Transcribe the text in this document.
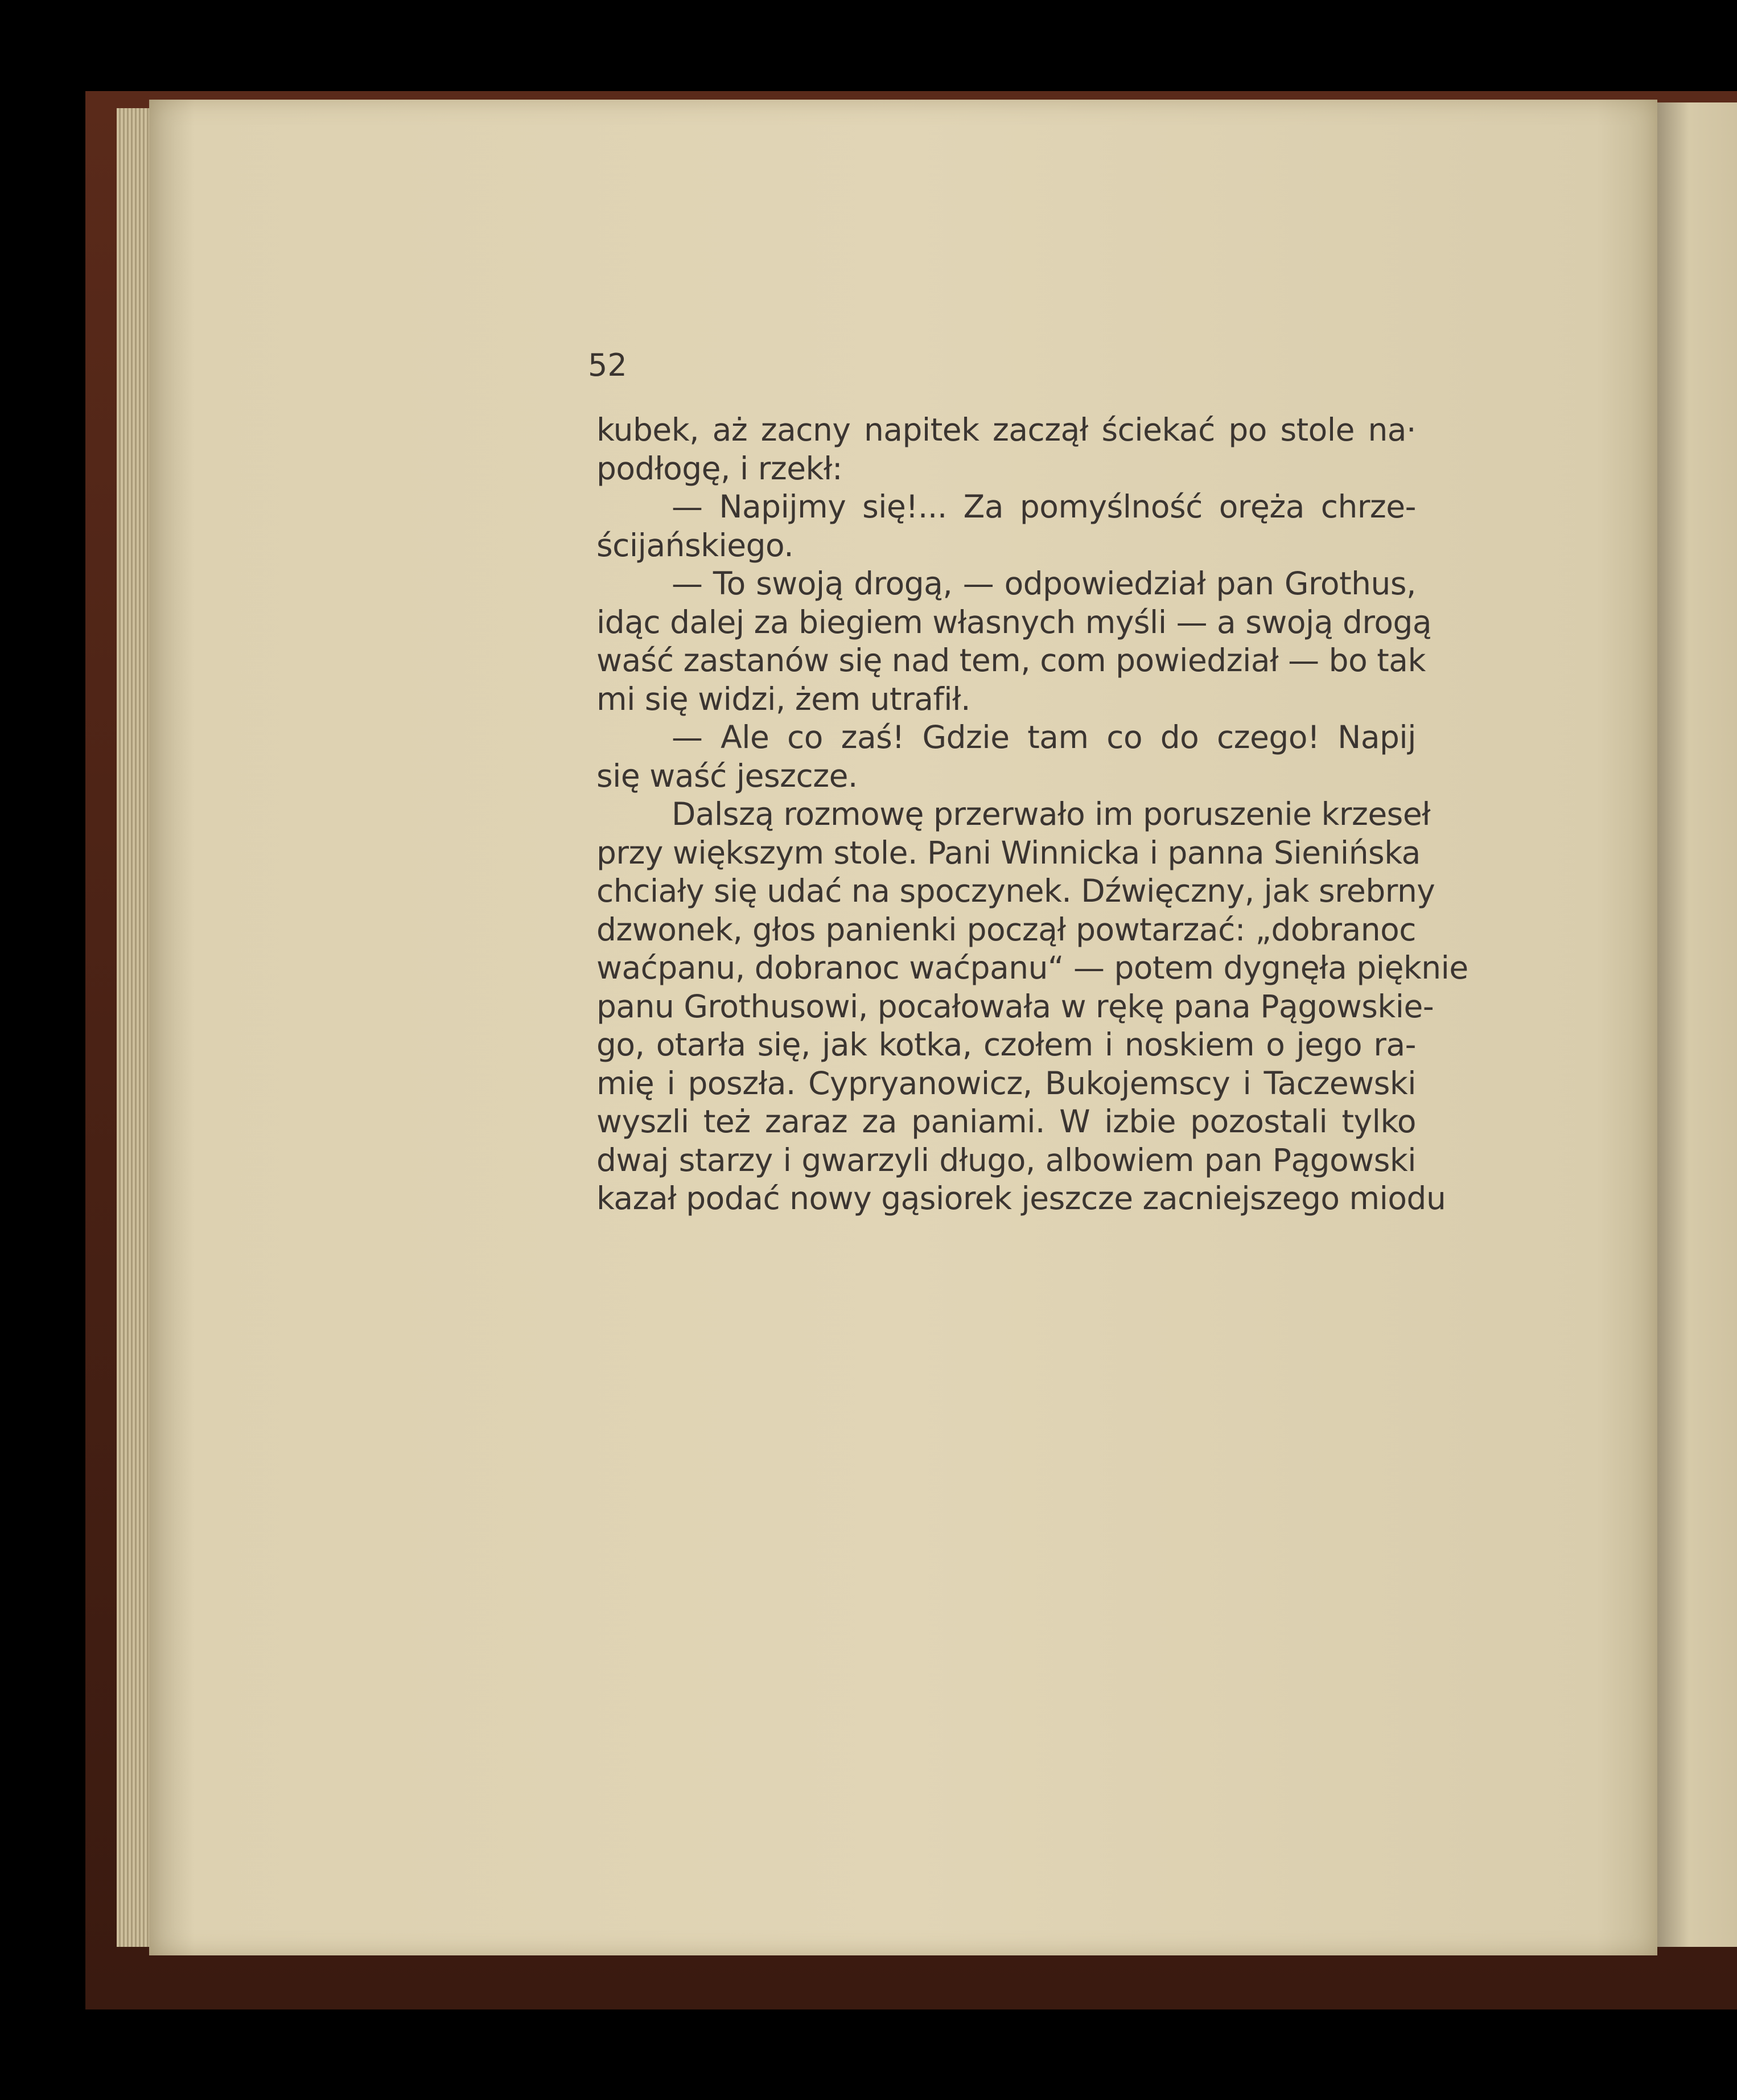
52
kubek, aż zacny napitek zaczął ściekać po stole na·
podłogę, i rzekł:
— Napijmy się!... Za pomyślność oręża chrze-
ścijańskiego.
— To swoją drogą, — odpowiedział pan Grothus,
idąc dalej za biegiem własnych myśli — a swoją drogą
waść zastanów się nad tem, com powiedział — bo tak
mi się widzi, żem utrafił.
— Ale co zaś! Gdzie tam co do czego! Napij
się waść jeszcze.
Dalszą rozmowę przerwało im poruszenie krzeseł
przy większym stole. Pani Winnicka i panna Sienińska
chciały się udać na spoczynek. Dźwięczny, jak srebrny
dzwonek, głos panienki począł powtarzać: „dobranoc
waćpanu, dobranoc waćpanu“ — potem dygnęła pięknie
panu Grothusowi, pocałowała w rękę pana Pągowskie-
go, otarła się, jak kotka, czołem i noskiem o jego ra-
mię i poszła. Cypryanowicz, Bukojemscy i Taczewski
wyszli też zaraz za paniami. W izbie pozostali tylko
dwaj starzy i gwarzyli długo, albowiem pan Pągowski
kazał podać nowy gąsiorek jeszcze zacniejszego miodu
